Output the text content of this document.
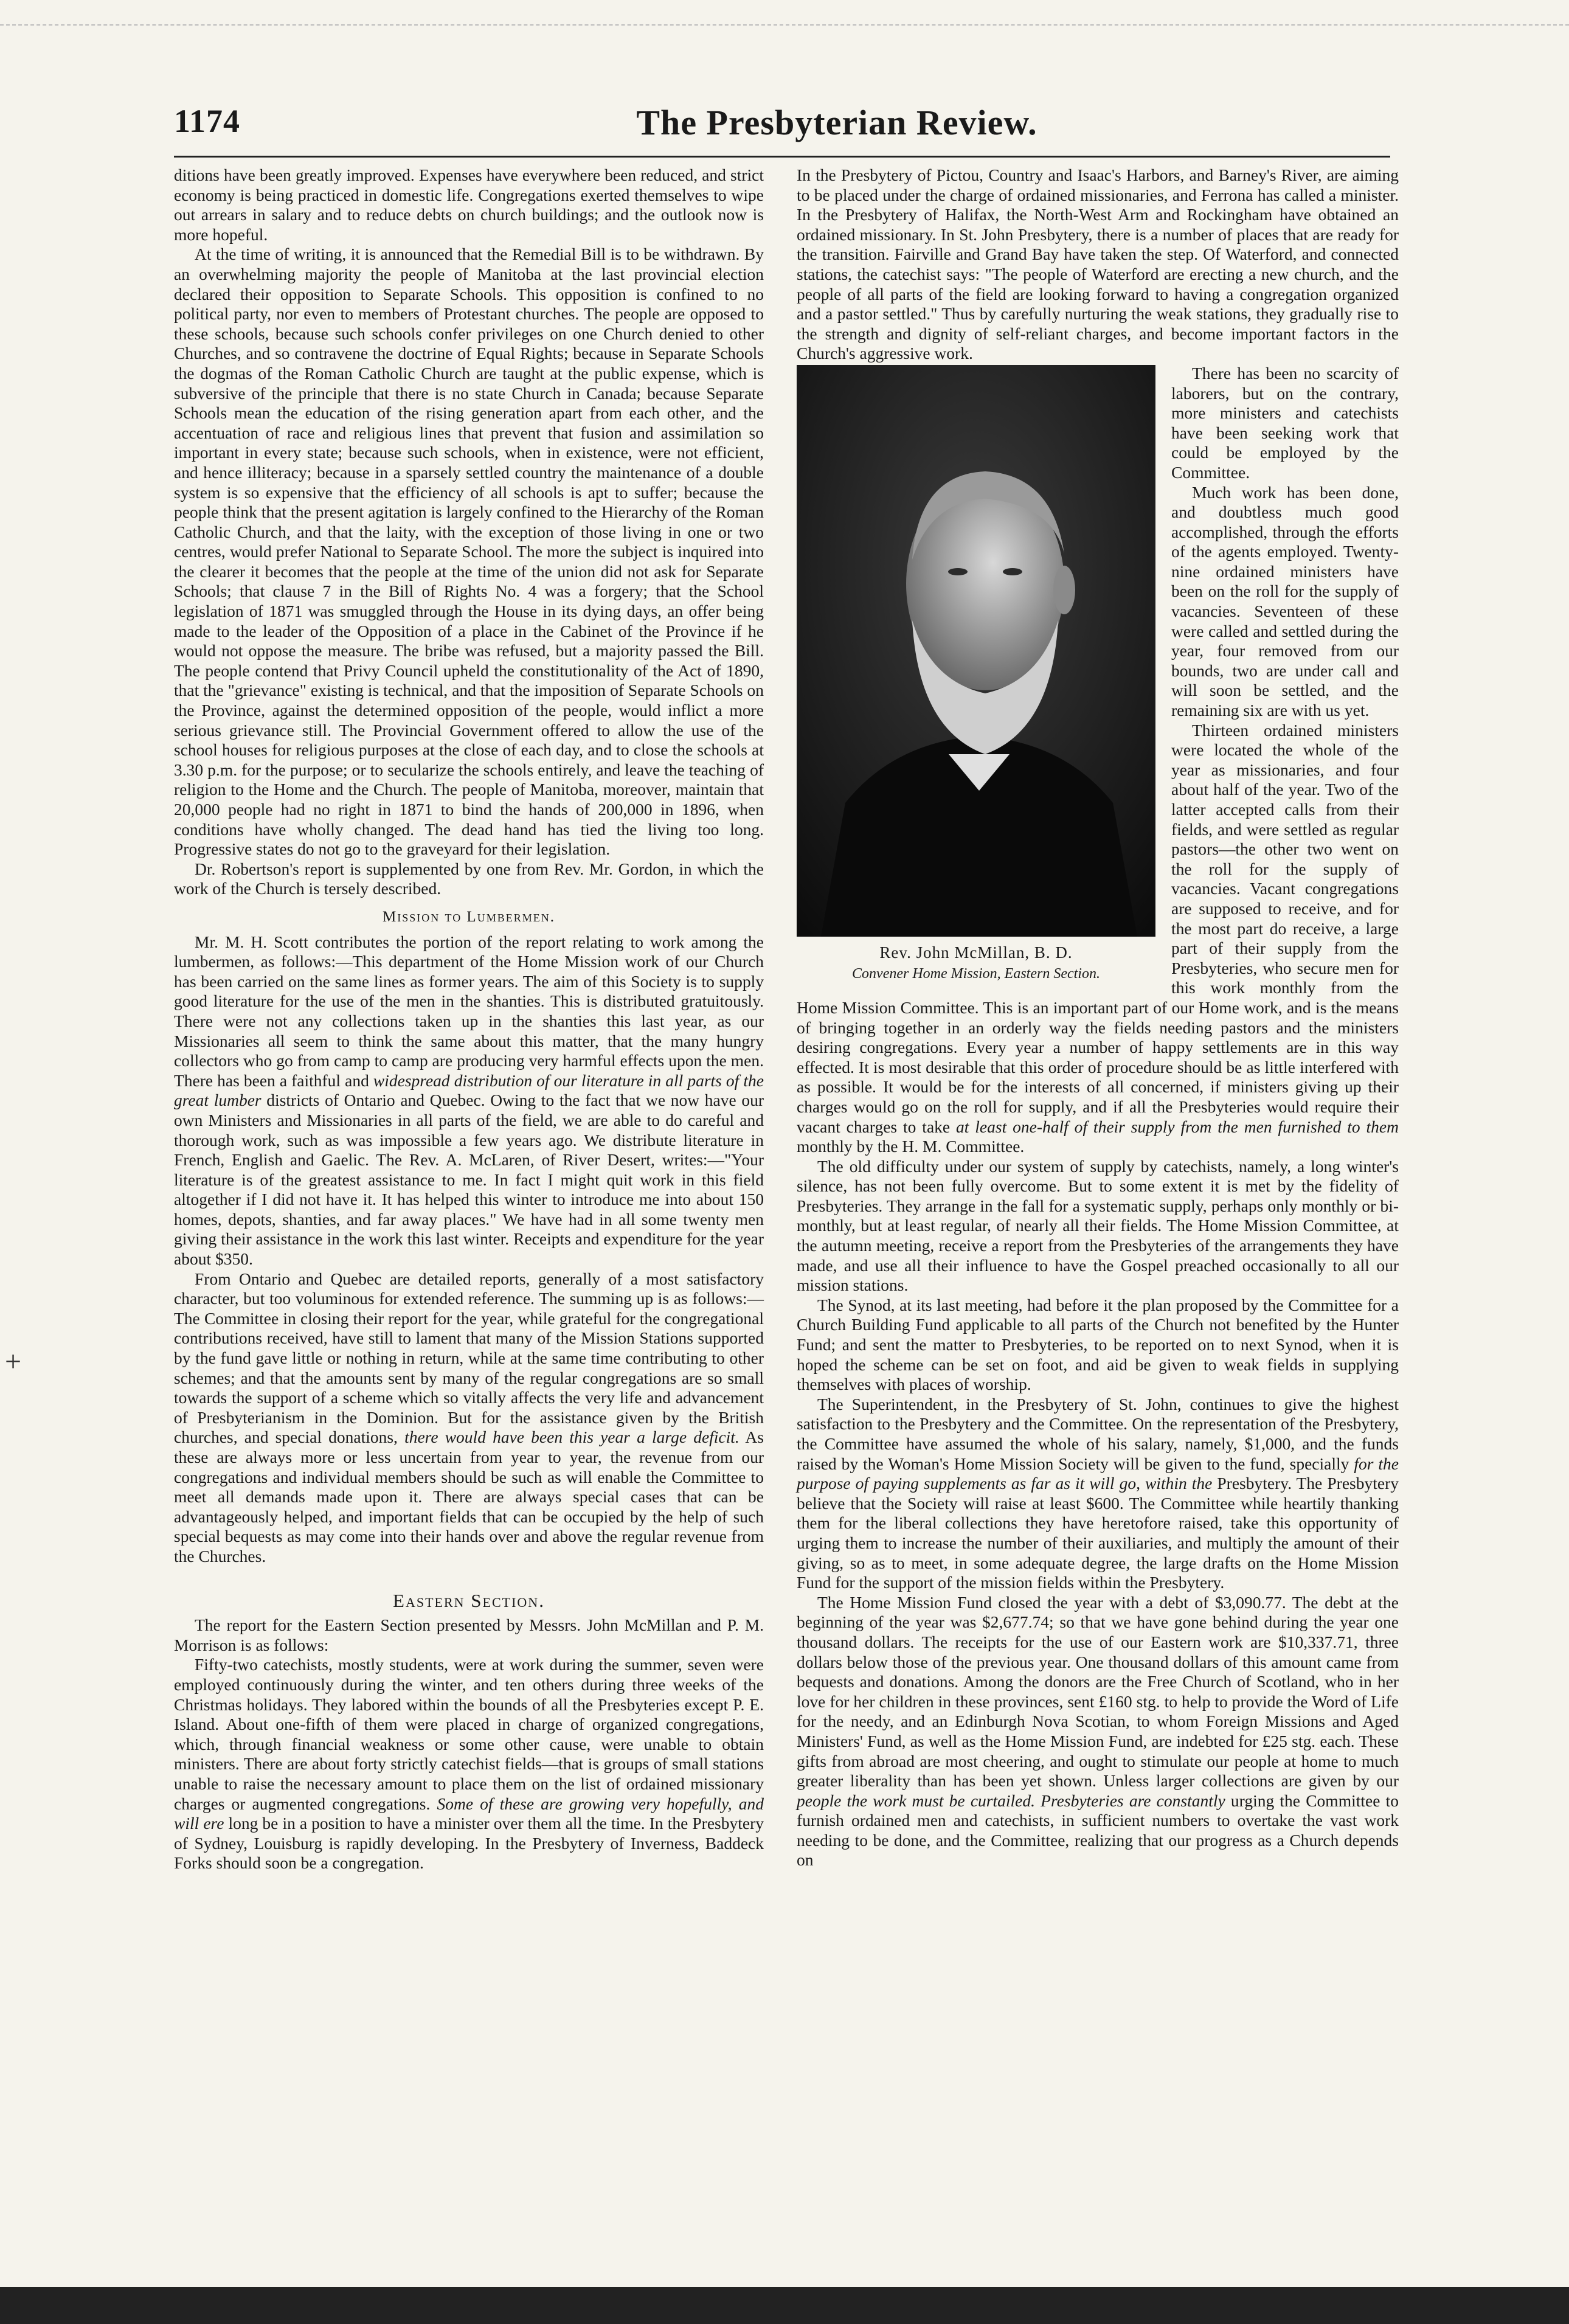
1174	The Presbyterian Review.

ditions have been greatly improved. Expenses have everywhere been reduced, and strict economy is being practiced in domestic life. Congregations exerted themselves to wipe out arrears in salary and to reduce debts on church buildings; and the outlook now is more hopeful.

At the time of writing, it is announced that the Remedial Bill is to be withdrawn. By an overwhelming majority the people of Manitoba at the last provincial election declared their opposition to Separate Schools. This opposition is confined to no political party, nor even to members of Protestant churches. The people are opposed to these schools, because such schools confer privileges on one Church denied to other Churches, and so contravene the doctrine of Equal Rights; because in Separate Schools the dogmas of the Roman Catholic Church are taught at the public expense, which is subversive of the principle that there is no state Church in Canada; because Separate Schools mean the education of the rising generation apart from each other, and the accentuation of race and religious lines that prevent that fusion and assimilation so important in every state; because such schools, when in existence, were not efficient, and hence illiteracy; because in a sparsely settled country the maintenance of a double system is so expensive that the efficiency of all schools is apt to suffer; because the people think that the present agitation is largely confined to the Hierarchy of the Roman Catholic Church, and that the laity, with the exception of those living in one or two centres, would prefer National to Separate School. The more the subject is inquired into the clearer it becomes that the people at the time of the union did not ask for Separate Schools; that clause 7 in the Bill of Rights No. 4 was a forgery; that the School legislation of 1871 was smuggled through the House in its dying days, an offer being made to the leader of the Opposition of a place in the Cabinet of the Province if he would not oppose the measure. The bribe was refused, but a majority passed the Bill. The people contend that Privy Council upheld the constitutionality of the Act of 1890, that the "grievance" existing is technical, and that the imposition of Separate Schools on the Province, against the determined opposition of the people, would inflict a more serious grievance still. The Provincial Government offered to allow the use of the school houses for religious purposes at the close of each day, and to close the schools at 3.30 p.m. for the purpose; or to secularize the schools entirely, and leave the teaching of religion to the Home and the Church. The people of Manitoba, moreover, maintain that 20,000 people had no right in 1871 to bind the hands of 200,000 in 1896, when conditions have wholly changed. The dead hand has tied the living too long. Progressive states do not go to the graveyard for their legislation.

Dr. Robertson's report is supplemented by one from Rev. Mr. Gordon, in which the work of the Church is tersely described.

Mission to Lumbermen.

Mr. M. H. Scott contributes the portion of the report relating to work among the lumbermen, as follows:—This department of the Home Mission work of our Church has been carried on the same lines as former years. The aim of this Society is to supply good literature for the use of the men in the shanties. This is distributed gratuitously. There were not any collections taken up in the shanties this last year, as our Missionaries all seem to think the same about this matter, that the many hungry collectors who go from camp to camp are producing very harmful effects upon the men. There has been a faithful and widespread distribution of our literature in all parts of the great lumber districts of Ontario and Quebec. Owing to the fact that we now have our own Ministers and Missionaries in all parts of the field, we are able to do careful and thorough work, such as was impossible a few years ago. We distribute literature in French, English and Gaelic. The Rev. A. McLaren, of River Desert, writes:—"Your literature is of the greatest assistance to me. In fact I might quit work in this field altogether if I did not have it. It has helped this winter to introduce me into about 150 homes, depots, shanties, and far away places." We have had in all some twenty men giving their assistance in the work this last winter. Receipts and expenditure for the year about $350.

From Ontario and Quebec are detailed reports, generally of a most satisfactory character, but too voluminous for extended reference. The summing up is as follows:—The Committee in closing their report for the year, while grateful for the congregational contributions received, have still to lament that many of the Mission Stations supported by the fund gave little or nothing in return, while at the same time contributing to other schemes; and that the amounts sent by many of the regular congregations are so small towards the support of a scheme which so vitally affects the very life and advancement of Presbyterianism in the Dominion. But for the assistance given by the British churches, and special donations, there would have been this year a large deficit. As these are always more or less uncertain from year to year, the revenue from our congregations and individual members should be such as will enable the Committee to meet all demands made upon it. There are always special cases that can be advantageously helped, and important fields that can be occupied by the help of such special bequests as may come into their hands over and above the regular revenue from the Churches.

Eastern Section.

The report for the Eastern Section presented by Messrs. John McMillan and P. M. Morrison is as follows:

Fifty-two catechists, mostly students, were at work during the summer, seven were employed continuously during the winter, and ten others during three weeks of the Christmas holidays. They labored within the bounds of all the Presbyteries except P. E. Island. About one-fifth of them were placed in charge of organized congregations, which, through financial weakness or some other cause, were unable to obtain ministers. There are about forty strictly catechist fields—that is groups of small stations unable to raise the necessary amount to place them on the list of ordained missionary charges or augmented congregations. Some of these are growing very hopefully, and will ere long be in a position to have a minister over them all the time. In the Presbytery of Sydney, Louisburg is rapidly developing. In the Presbytery of Inverness, Baddeck Forks should soon be a congregation.

In the Presbytery of Pictou, Country and Isaac's Harbors, and Barney's River, are aiming to be placed under the charge of ordained missionaries, and Ferrona has called a minister. In the Presbytery of Halifax, the North-West Arm and Rockingham have obtained an ordained missionary. In St. John Presbytery, there is a number of places that are ready for the transition. Fairville and Grand Bay have taken the step. Of Waterford, and connected stations, the catechist says: "The people of Waterford are erecting a new church, and the people of all parts of the field are looking forward to having a congregation organized and a pastor settled." Thus by carefully nurturing the weak stations, they gradually rise to the strength and dignity of self-reliant charges, and become important factors in the Church's aggressive work.

Rev. John McMillan, B. D.
Convener Home Mission, Eastern Section.

There has been no scarcity of laborers, but on the contrary, more ministers and catechists have been seeking work that could be employed by the Committee.

Much work has been done, and doubtless much good accomplished, through the efforts of the agents employed. Twenty-nine ordained ministers have been on the roll for the supply of vacancies. Seventeen of these were called and settled during the year, four removed from our bounds, two are under call and will soon be settled, and the remaining six are with us yet.

Thirteen ordained ministers were located the whole of the year as missionaries, and four about half of the year. Two of the latter accepted calls from their fields, and were settled as regular pastors—the other two went on the roll for the supply of vacancies. Vacant congregations are supposed to receive, and for the most part do receive, a large part of their supply from the Presbyteries, who secure men for this work monthly from the Home Mission Committee. This is an important part of our Home work, and is the means of bringing together in an orderly way the fields needing pastors and the ministers desiring congregations. Every year a number of happy settlements are in this way effected. It is most desirable that this order of procedure should be as little interfered with as possible. It would be for the interests of all concerned, if ministers giving up their charges would go on the roll for supply, and if all the Presbyteries would require their vacant charges to take at least one-half of their supply from the men furnished to them monthly by the H. M. Committee.

The old difficulty under our system of supply by catechists, namely, a long winter's silence, has not been fully overcome. But to some extent it is met by the fidelity of Presbyteries. They arrange in the fall for a systematic supply, perhaps only monthly or bi-monthly, but at least regular, of nearly all their fields. The Home Mission Committee, at the autumn meeting, receive a report from the Presbyteries of the arrangements they have made, and use all their influence to have the Gospel preached occasionally to all our mission stations.

The Synod, at its last meeting, had before it the plan proposed by the Committee for a Church Building Fund applicable to all parts of the Church not benefited by the Hunter Fund; and sent the matter to Presbyteries, to be reported on to next Synod, when it is hoped the scheme can be set on foot, and aid be given to weak fields in supplying themselves with places of worship.

The Superintendent, in the Presbytery of St. John, continues to give the highest satisfaction to the Presbytery and the Committee. On the representation of the Presbytery, the Committee have assumed the whole of his salary, namely, $1,000, and the funds raised by the Woman's Home Mission Society will be given to the fund, specially for the purpose of paying supplements as far as it will go, within the Presbytery. The Presbytery believe that the Society will raise at least $600. The Committee while heartily thanking them for the liberal collections they have heretofore raised, take this opportunity of urging them to increase the number of their auxiliaries, and multiply the amount of their giving, so as to meet, in some adequate degree, the large drafts on the Home Mission Fund for the support of the mission fields within the Presbytery.

The Home Mission Fund closed the year with a debt of $3,090.77. The debt at the beginning of the year was $2,677.74; so that we have gone behind during the year one thousand dollars. The receipts for the use of our Eastern work are $10,337.71, three dollars below those of the previous year. One thousand dollars of this amount came from bequests and donations. Among the donors are the Free Church of Scotland, who in her love for her children in these provinces, sent £160 stg. to help to provide the Word of Life for the needy, and an Edinburgh Nova Scotian, to whom Foreign Missions and Aged Ministers' Fund, as well as the Home Mission Fund, are indebted for £25 stg. each. These gifts from abroad are most cheering, and ought to stimulate our people at home to much greater liberality than has been yet shown. Unless larger collections are given by our people the work must be curtailed. Presbyteries are constantly urging the Committee to furnish ordained men and catechists, in sufficient numbers to overtake the vast work needing to be done, and the Committee, realizing that our progress as a Church depends on

+
